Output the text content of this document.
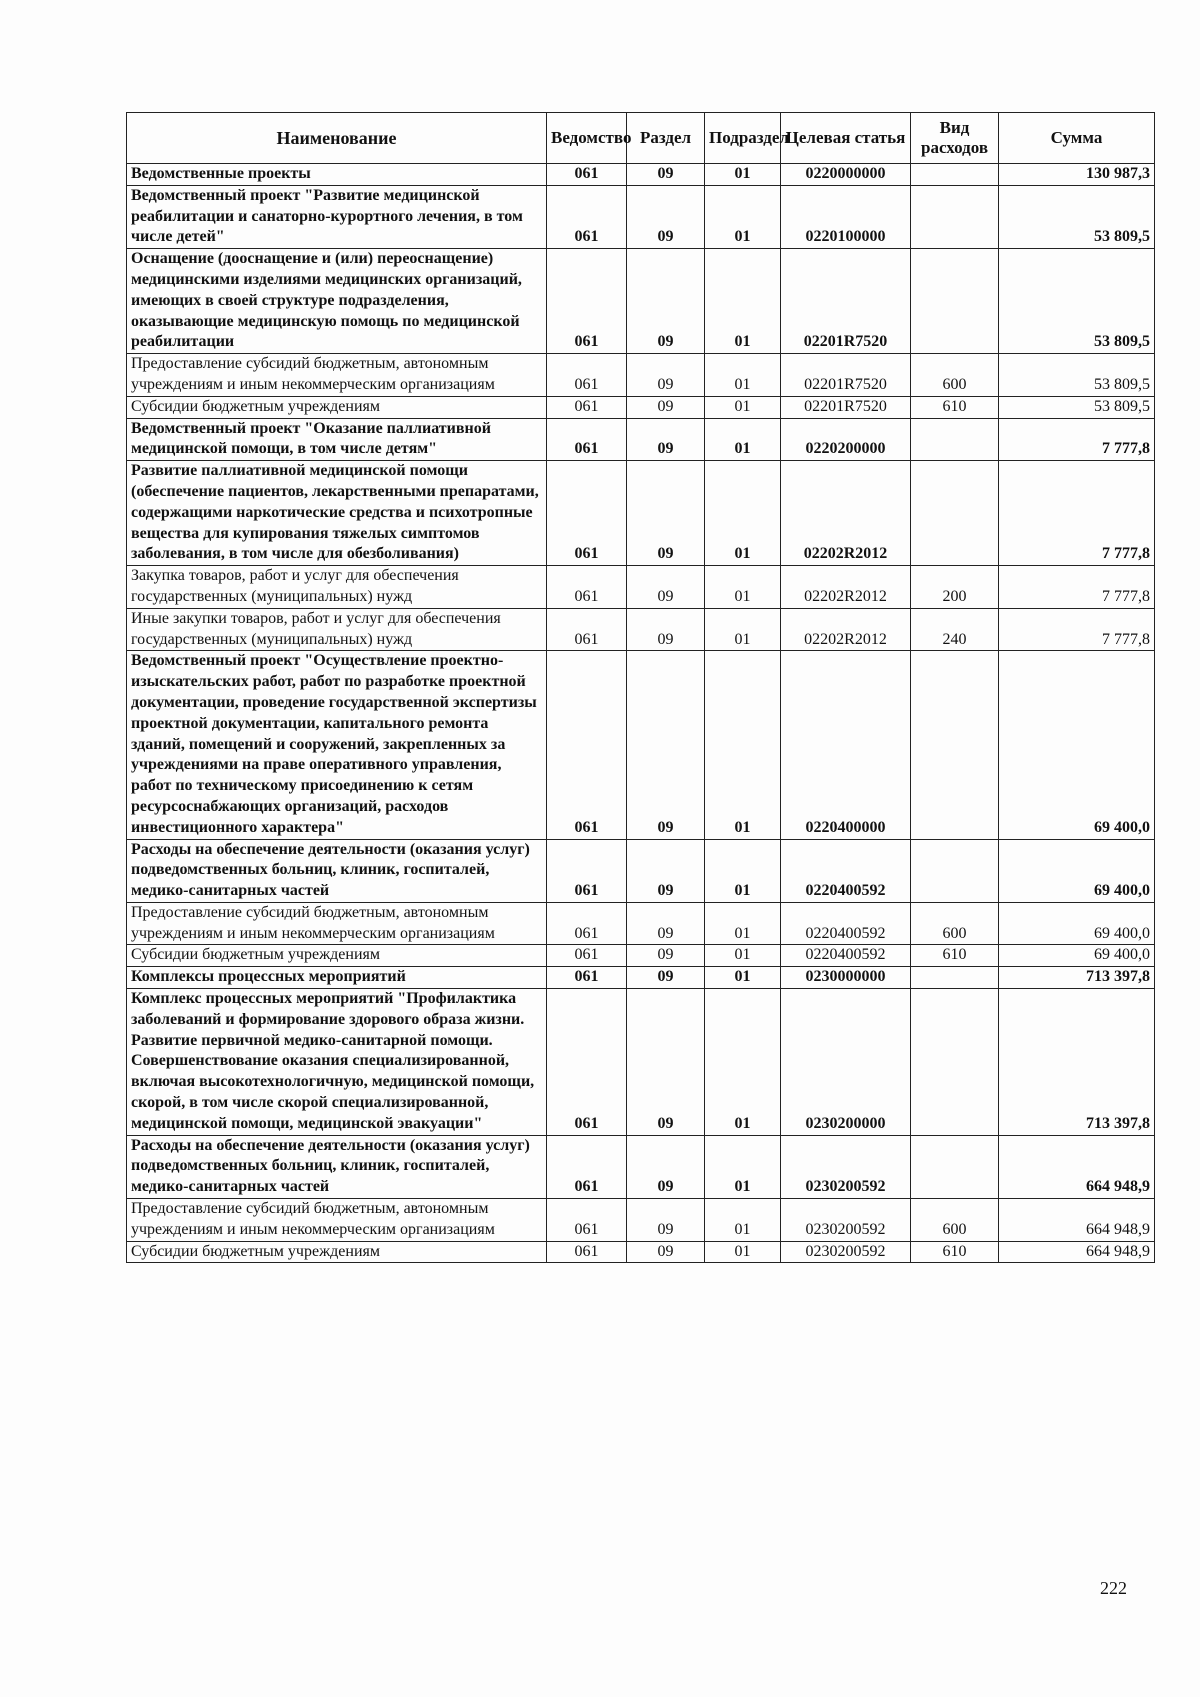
Наименование	Ведомство	Раздел	Подраздел	Целевая статья	Вид расходов	Сумма
Ведомственные проекты	061	09	01	0220000000		130 987,3
Ведомственный проект "Развитие медицинской реабилитации и санаторно-курортного лечения, в том числе детей"	061	09	01	0220100000		53 809,5
Оснащение (дооснащение и (или) переоснащение) медицинскими изделиями медицинских организаций, имеющих в своей структуре подразделения, оказывающие медицинскую помощь по медицинской реабилитации	061	09	01	02201R7520		53 809,5
Предоставление субсидий бюджетным, автономным учреждениям и иным некоммерческим организациям	061	09	01	02201R7520	600	53 809,5
Субсидии бюджетным учреждениям	061	09	01	02201R7520	610	53 809,5
Ведомственный проект "Оказание паллиативной медицинской помощи, в том числе детям"	061	09	01	0220200000		7 777,8
Развитие паллиативной медицинской помощи (обеспечение пациентов, лекарственными препаратами, содержащими наркотические средства и психотропные вещества для купирования тяжелых симптомов заболевания, в том числе для обезболивания)	061	09	01	02202R2012		7 777,8
Закупка товаров, работ и услуг для обеспечения государственных (муниципальных) нужд	061	09	01	02202R2012	200	7 777,8
Иные закупки товаров, работ и услуг для обеспечения государственных (муниципальных) нужд	061	09	01	02202R2012	240	7 777,8
Ведомственный проект "Осуществление проектно-изыскательских работ, работ по разработке проектной документации, проведение государственной экспертизы проектной документации, капитального ремонта зданий, помещений и сооружений, закрепленных за учреждениями на праве оперативного управления, работ по техническому присоединению к сетям ресурсоснабжающих организаций, расходов инвестиционного характера"	061	09	01	0220400000		69 400,0
Расходы на обеспечение деятельности (оказания услуг) подведомственных больниц, клиник, госпиталей, медико-санитарных частей	061	09	01	0220400592		69 400,0
Предоставление субсидий бюджетным, автономным учреждениям и иным некоммерческим организациям	061	09	01	0220400592	600	69 400,0
Субсидии бюджетным учреждениям	061	09	01	0220400592	610	69 400,0
Комплексы процессных мероприятий	061	09	01	0230000000		713 397,8
Комплекс процессных мероприятий "Профилактика заболеваний и формирование здорового образа жизни. Развитие первичной медико-санитарной помощи. Совершенствование оказания специализированной, включая высокотехнологичную, медицинской помощи, скорой, в том числе скорой специализированной, медицинской помощи, медицинской эвакуации"	061	09	01	0230200000		713 397,8
Расходы на обеспечение деятельности (оказания услуг) подведомственных больниц, клиник, госпиталей, медико-санитарных частей	061	09	01	0230200592		664 948,9
Предоставление субсидий бюджетным, автономным учреждениям и иным некоммерческим организациям	061	09	01	0230200592	600	664 948,9
Субсидии бюджетным учреждениям	061	09	01	0230200592	610	664 948,9
222
